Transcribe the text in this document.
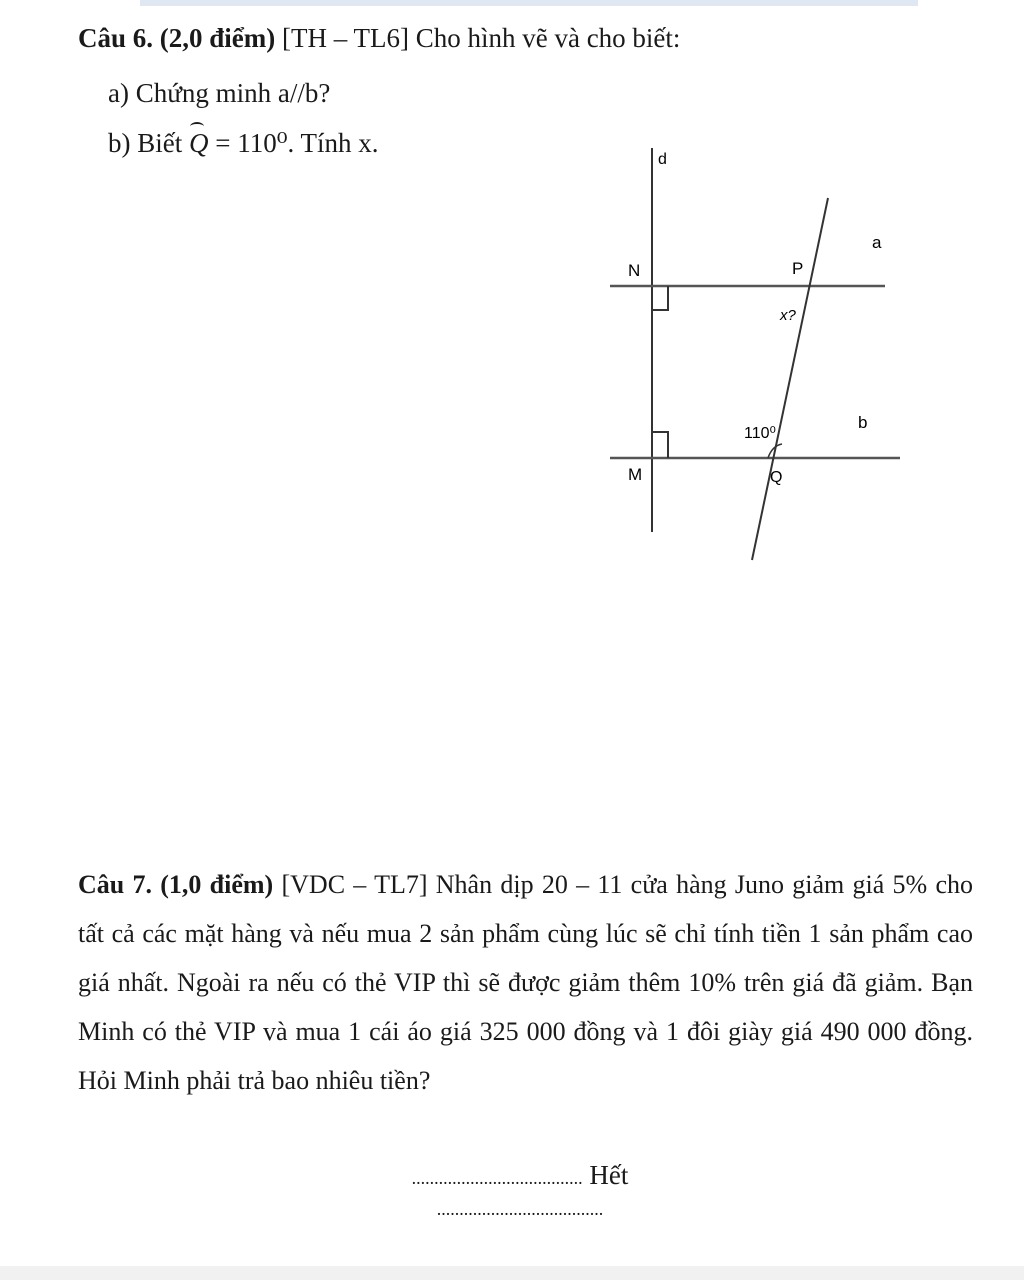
Câu 6. (2,0 điểm) [TH – TL6] Cho hình vẽ và cho biết:
a) Chứng minh a//b?
b) Biết Q = 110⁰. Tính x.
d
a
b
N	P
M	Q
x?
110⁰
Câu 7. (1,0 điểm) [VDC – TL7] Nhân dịp 20 – 11 cửa hàng Juno giảm giá 5% cho tất cả các mặt hàng và nếu mua 2 sản phẩm cùng lúc sẽ chỉ tính tiền 1 sản phẩm cao giá nhất. Ngoài ra nếu có thẻ VIP thì sẽ được giảm thêm 10% trên giá đã giảm. Bạn Minh có thẻ VIP và mua 1 cái áo giá 325 000 đồng và 1 đôi giày giá 490 000 đồng. Hỏi Minh phải trả bao nhiêu tiền?
...................................... Hết .....................................
